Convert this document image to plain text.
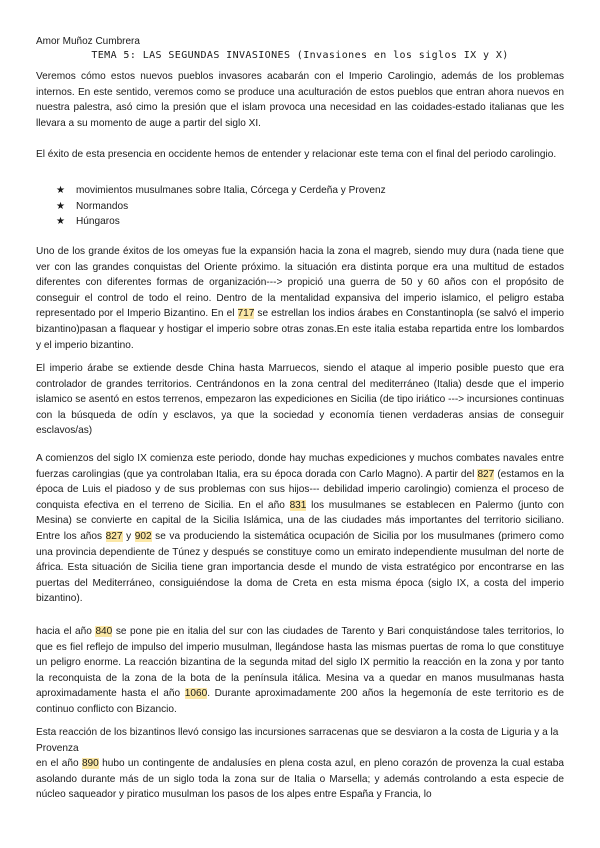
Amor Muñoz Cumbrera
TEMA 5: LAS SEGUNDAS INVASIONES (Invasiones en los siglos IX y X)

Veremos cómo estos nuevos pueblos invasores acabarán con el Imperio Carolingio, además de los problemas internos. En este sentido, veremos como se produce una aculturación de estos pueblos que entran ahora nuevos en nuestra palestra, asó cimo la presión que el islam provoca una necesidad en las coidades-estado italianas que les llevara a su momento de auge a partir del siglo XI.

El éxito de esta presencia en occidente hemos de entender y relacionar este tema con el final del periodo carolingio.

★ movimientos musulmanes sobre Italia, Córcega y Cerdeña y Provenz
★ Normandos
★ Húngaros

Uno de los grande éxitos de los omeyas fue la expansión hacia la zona el magreb, siendo muy dura (nada tiene que ver con las grandes conquistas del Oriente próximo. la situación era distinta porque era una multitud de estados diferentes con diferentes formas de organización---> propició una guerra de 50 y 60 años con el propósito de conseguir el control de todo el reino. Dentro de la mentalidad expansiva del imperio islamico, el peligro estaba representado por el Imperio Bizantino. En el 717 se estrellan los indios árabes en Constantinopla (se salvó el imperio bizantino)pasan a flaquear y hostigar el imperio sobre otras zonas.En este italia estaba repartida entre los lombardos y el imperio bizantino.

El imperio árabe se extiende desde China hasta Marruecos, siendo el ataque al imperio posible puesto que era controlador de grandes territorios. Centrándonos en la zona central del mediterráneo (Italia) desde que el imperio islamico se asentó en estos terrenos, empezaron las expediciones en Sicilia (de tipo iriático ---> incursiones continuas con la búsqueda de odín y esclavos, ya que la sociedad y economía tienen verdaderas ansias de conseguir esclavos/as)

A comienzos del siglo IX comienza este periodo, donde hay muchas expediciones y muchos combates navales entre fuerzas carolingias (que ya controlaban Italia, era su época dorada con Carlo Magno). A partir del 827 (estamos en la época de Luis el piadoso y de sus problemas con sus hijos--- debilidad imperio carolingio) comienza el proceso de conquista efectiva en el terreno de Sicilia. En el año 831 los musulmanes se establecen en Palermo (junto con Mesina) se convierte en capital de la Sicilia Islámica, una de las ciudades más importantes del territorio siciliano. Entre los años 827 y 902 se va produciendo la sistemática ocupación de Sicilia por los musulmanes (primero como una provincia dependiente de Túnez y después se constituye como un emirato independiente musulman del norte de áfrica. Esta situación de Sicilia tiene gran importancia desde el mundo de vista estratégico por encontrarse en las puertas del Mediterráneo, consiguiéndose la doma de Creta en esta misma época (siglo IX, a costa del imperio bizantino).

hacia el año 840 se pone pie en italia del sur con las ciudades de Tarento y Bari conquistándose tales territorios, lo que es fiel reflejo de impulso del imperio musulman, llegándose hasta las mismas puertas de roma lo que constituye un peligro enorme. La reacción bizantina de la segunda mitad del siglo IX permitio la reacción en la zona y por tanto la reconquista de la zona de la bota de la península itálica. Mesina va a quedar en manos musulmanas hasta aproximadamente hasta el año 1060. Durante aproximadamente 200 años la hegemonía de este territorio es de continuo conflicto con Bizancio.

Esta reacción de los bizantinos llevó consigo las incursiones sarracenas que se desviaron a la costa de Liguria y a la Provenza

en el año 890 hubo un contingente de andalusíes en plena costa azul, en pleno corazón de provenza la cual estaba asolando durante más de un siglo toda la zona sur de Italia o Marsella; y además controlando a esta especie de núcleo saqueador y piratico musulman los pasos de los alpes entre España y Francia, lo
